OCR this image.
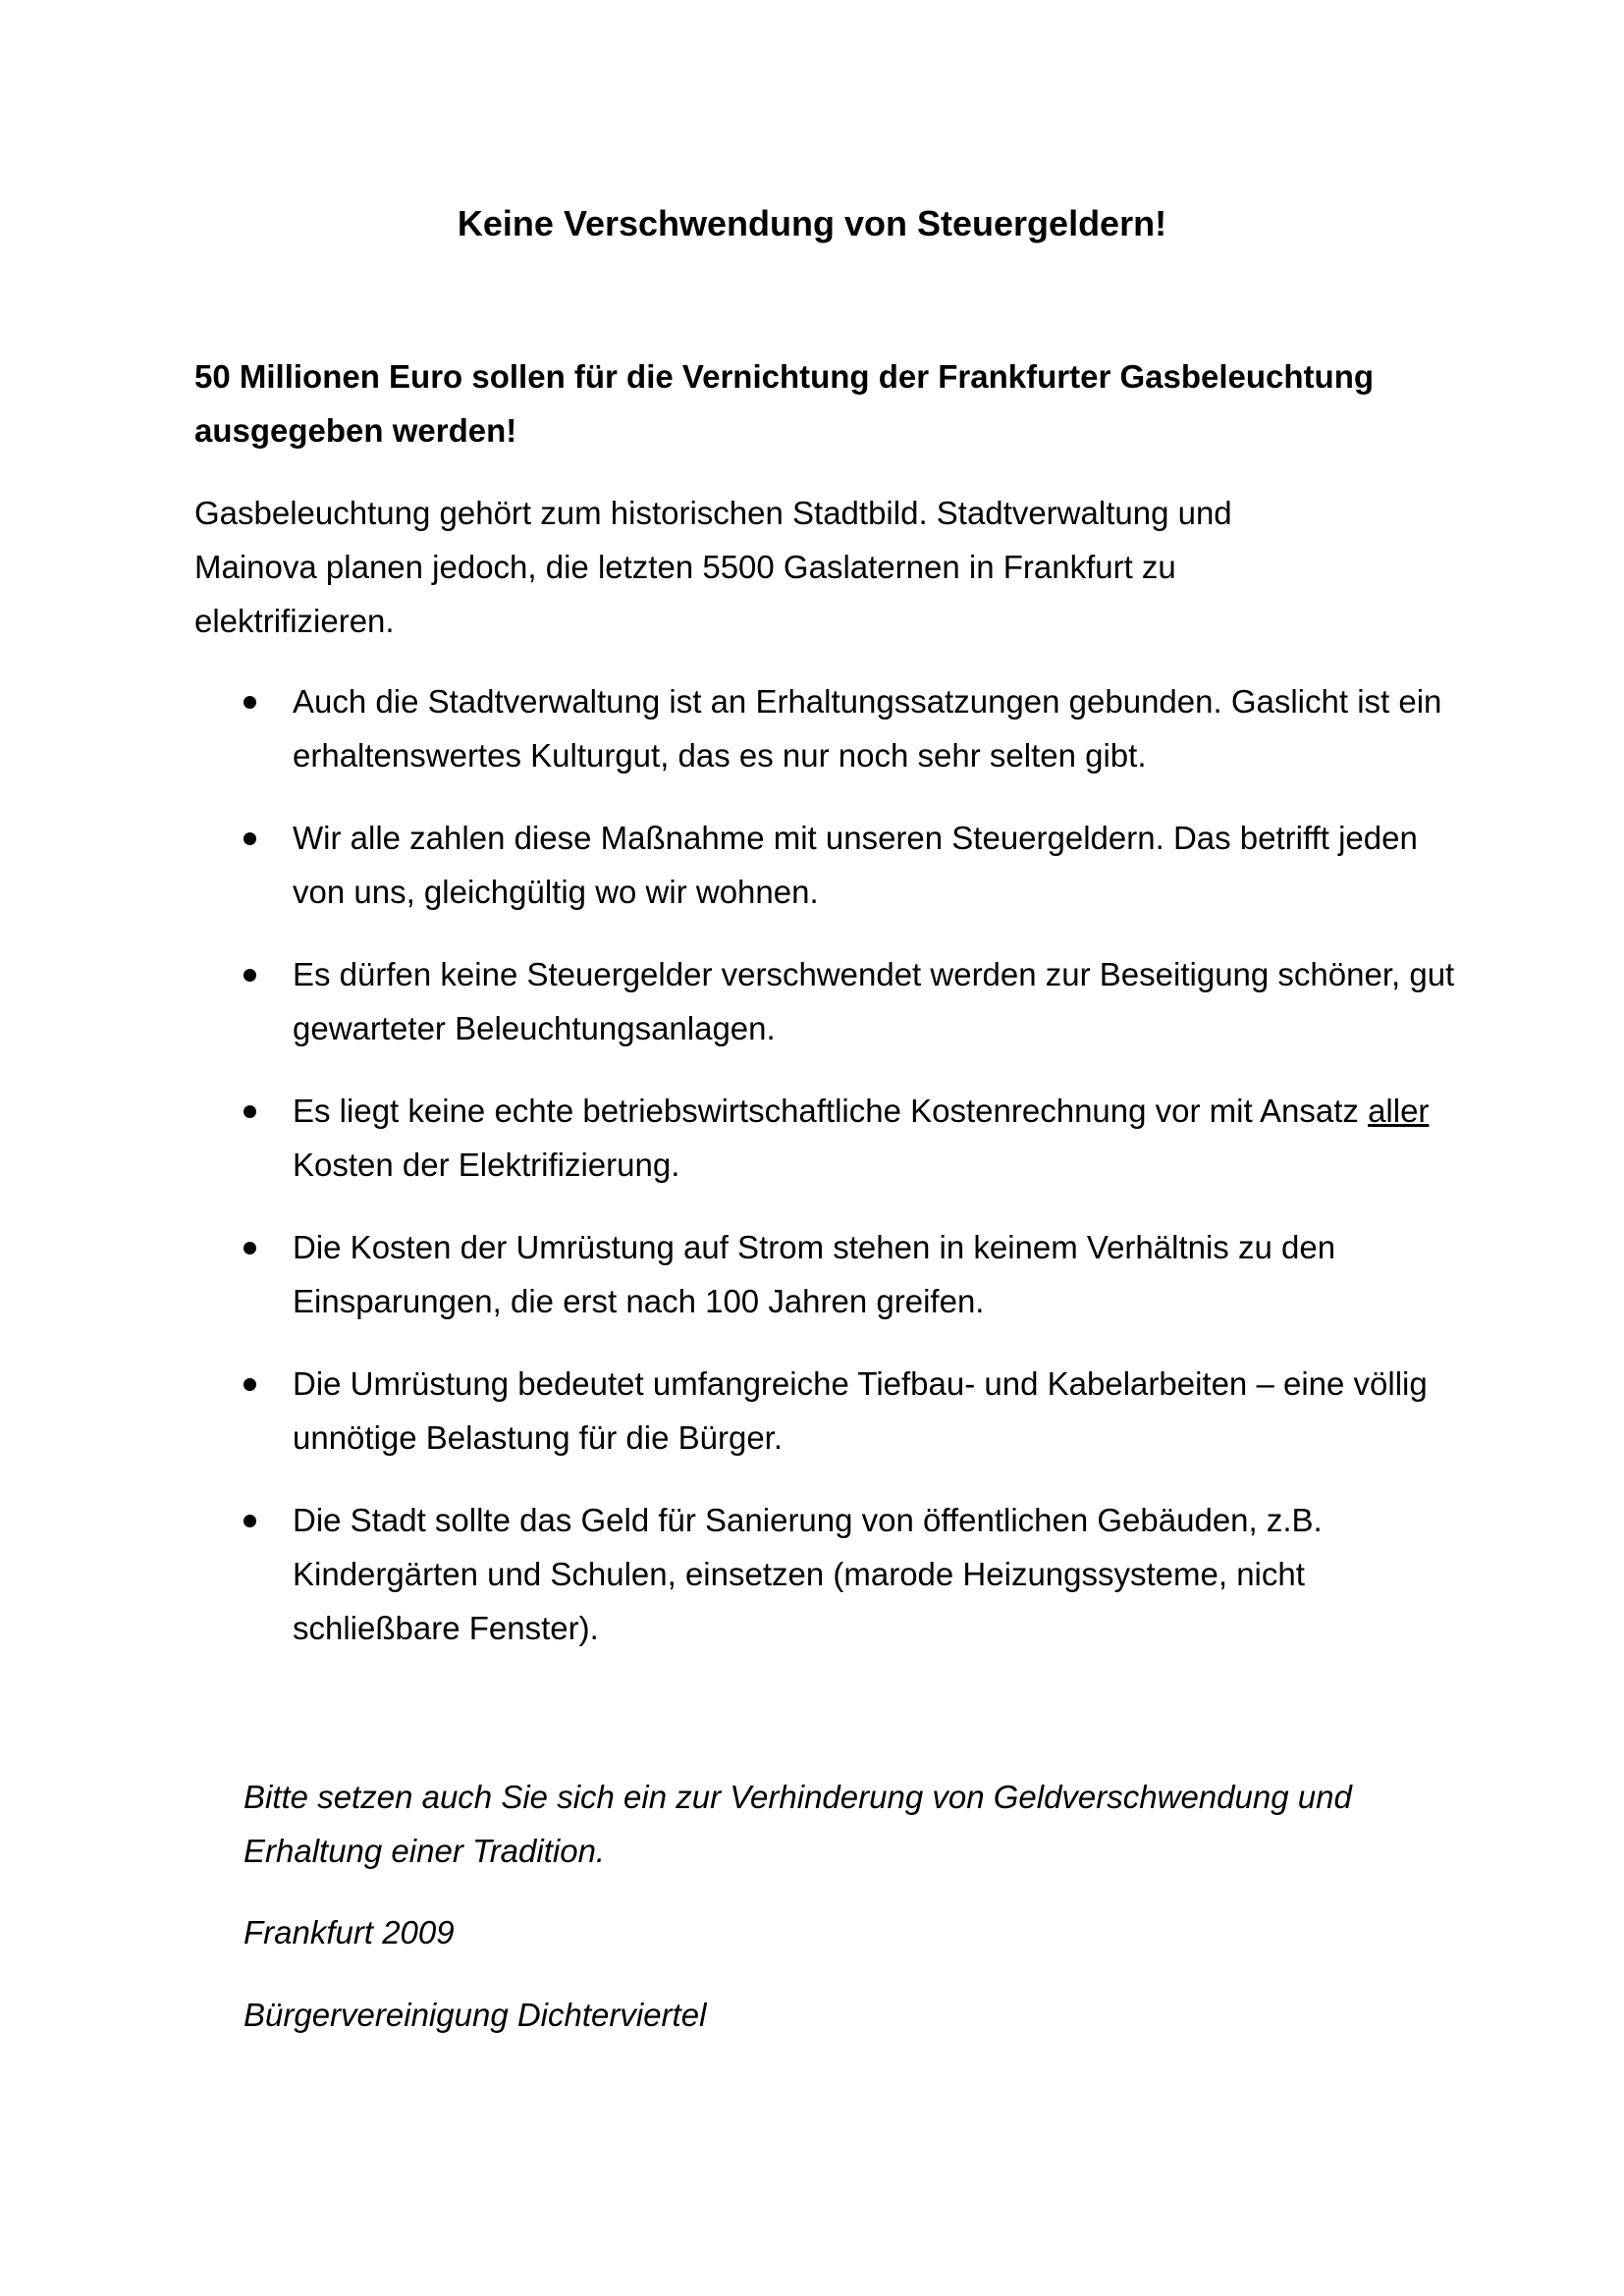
Keine Verschwendung von Steuergeldern!

50 Millionen Euro sollen für die Vernichtung der Frankfurter Gasbeleuchtung ausgegeben werden!

Gasbeleuchtung gehört zum historischen Stadtbild. Stadtverwaltung und Mainova planen jedoch, die letzten 5500 Gaslaternen in Frankfurt zu elektrifizieren.

Auch die Stadtverwaltung ist an Erhaltungssatzungen gebunden. Gaslicht ist ein erhaltenswertes Kulturgut, das es nur noch sehr selten gibt.
Wir alle zahlen diese Maßnahme mit unseren Steuergeldern. Das betrifft jeden von uns, gleichgültig wo wir wohnen.
Es dürfen keine Steuergelder verschwendet werden zur Beseitigung schöner, gut gewarteter Beleuchtungsanlagen.
Es liegt keine echte betriebswirtschaftliche Kostenrechnung vor mit Ansatz aller Kosten der Elektrifizierung.
Die Kosten der Umrüstung auf Strom stehen in keinem Verhältnis zu den Einsparungen, die erst nach 100 Jahren greifen.
Die Umrüstung bedeutet umfangreiche Tiefbau- und Kabelarbeiten – eine völlig unnötige Belastung für die Bürger.
Die Stadt sollte das Geld für Sanierung von öffentlichen Gebäuden, z.B. Kindergärten und Schulen, einsetzen (marode Heizungssysteme, nicht schließbare Fenster).

Bitte setzen auch Sie sich ein zur Verhinderung von Geldverschwendung und Erhaltung einer Tradition.

Frankfurt 2009

Bürgervereinigung Dichterviertel
